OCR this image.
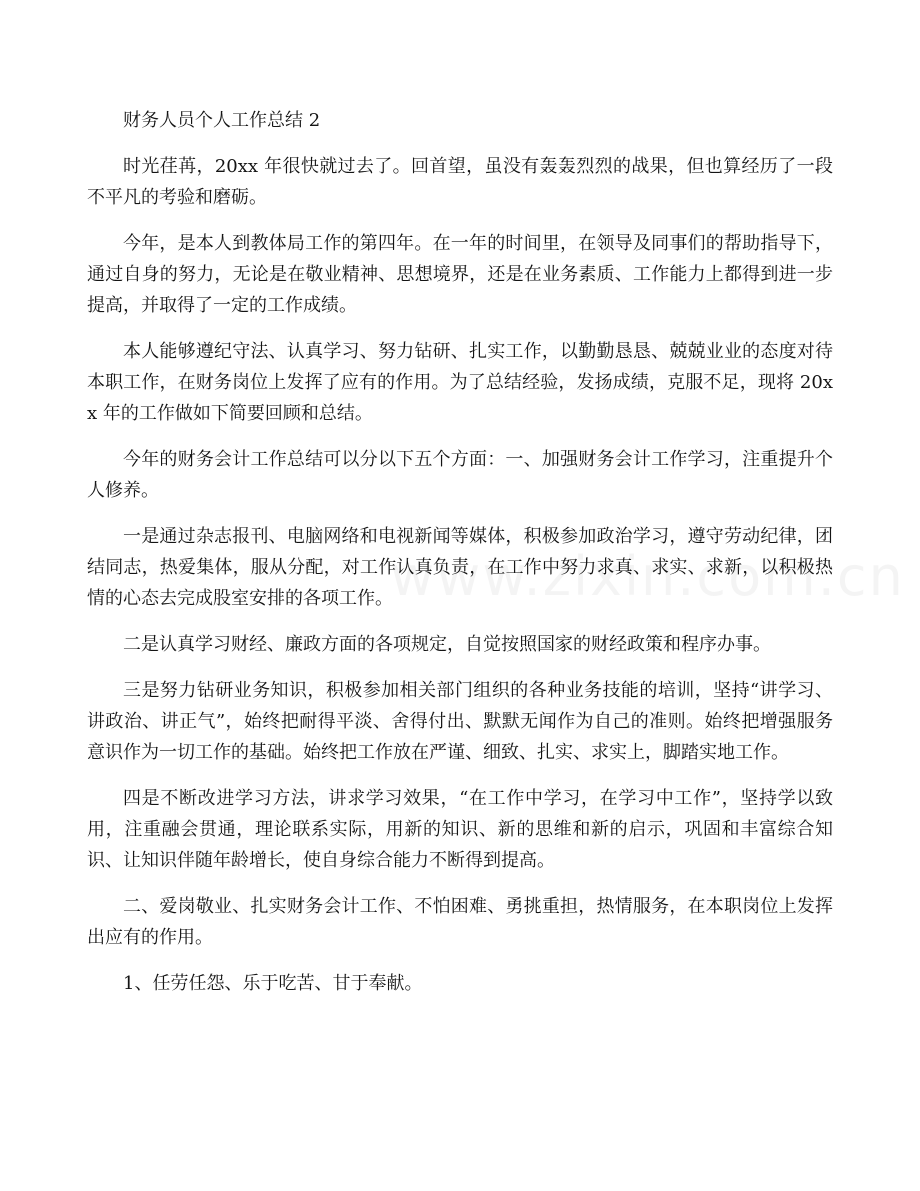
财务人员个人工作总结 2

时光荏苒，20xx 年很快就过去了。回首望，虽没有轰轰烈烈的战果，但也算经历了一段不平凡的考验和磨砺。

今年，是本人到教体局工作的第四年。在一年的时间里，在领导及同事们的帮助指导下，通过自身的努力，无论是在敬业精神、思想境界，还是在业务素质、工作能力上都得到进一步提高，并取得了一定的工作成绩。

本人能够遵纪守法、认真学习、努力钻研、扎实工作，以勤勤恳恳、兢兢业业的态度对待本职工作，在财务岗位上发挥了应有的作用。为了总结经验，发扬成绩，克服不足，现将 20xx 年的工作做如下简要回顾和总结。

今年的财务会计工作总结可以分以下五个方面：一、加强财务会计工作学习，注重提升个人修养。

一是通过杂志报刊、电脑网络和电视新闻等媒体，积极参加政治学习，遵守劳动纪律，团结同志，热爱集体，服从分配，对工作认真负责，在工作中努力求真、求实、求新，以积极热情的心态去完成股室安排的各项工作。

二是认真学习财经、廉政方面的各项规定，自觉按照国家的财经政策和程序办事。

三是努力钻研业务知识，积极参加相关部门组织的各种业务技能的培训，坚持“讲学习、讲政治、讲正气”，始终把耐得平淡、舍得付出、默默无闻作为自己的准则。始终把增强服务意识作为一切工作的基础。始终把工作放在严谨、细致、扎实、求实上，脚踏实地工作。

四是不断改进学习方法，讲求学习效果，“在工作中学习，在学习中工作”，坚持学以致用，注重融会贯通，理论联系实际，用新的知识、新的思维和新的启示，巩固和丰富综合知识、让知识伴随年龄增长，使自身综合能力不断得到提高。

二、爱岗敬业、扎实财务会计工作、不怕困难、勇挑重担，热情服务，在本职岗位上发挥出应有的作用。

1、任劳任怨、乐于吃苦、甘于奉献。
